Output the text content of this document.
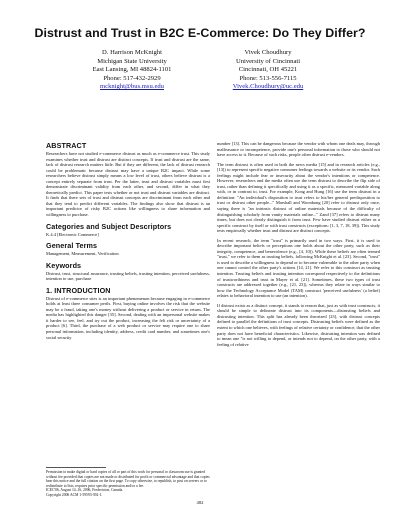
Distrust and Trust in B2C E-Commerce: Do They Differ?
D. Harrison McKnight
Michigan State University
East Lansing, MI 48824-1101
Phone: 517-432-2929
mcknight@bus.msu.edu
Vivek Choudhury
University of Cincinnati
Cincinnati, OH 45221
Phone: 513-556-7115
Vivek.Choudhury@uc.edu
ABSTRACT

Researchers have not studied e-commerce distrust as much as e-commerce trust. This study examines whether trust and distrust are distinct concepts. If trust and distrust are the same, lack of distrust research matters little. But if they are different, the lack of distrust research could be problematic because distrust may have a unique B2C impact. While some researchers believe distrust simply means a low level of trust, others believe distrust is a concept entirely separate from trust. Per the latter, trust and distrust variables must first demonstrate discriminant validity from each other, and second, differ in what they theoretically predict. This paper tests whether or not trust and distrust variables are distinct. It finds that there sets of trust and distrust concepts are discriminant from each other and that they tend to predict different variables. The findings also show that distrust is an important predictor of risky B2C actions like willingness to share information and willingness to purchase.

Categories and Subject Descriptors

K.4.4 [Electronic Commerce]

General Terms

Management, Measurement, Verification

Keywords

Distrust, trust, structural assurance, trusting beliefs, trusting intention, perceived usefulness, intention to use, purchase

1. INTRODUCTION

Distrust of e-commerce sites is an important phenomenon because engaging in e-commerce holds at least three consumer perils. First, buying online involves the risk that the website may be a fraud, taking one's money without delivering a product or service in return. The media has highlighted this danger [35]. Second, dealing with an impersonal website makes it harder to see, feel, and try out the product, increasing the felt risk or uncertainty of a product [6]. Third, the purchase of a web product or service may require one to share personal information, including identity, address, credit card number, and sometimes one's social security

Permission to make digital or hard copies of all or part of this work for personal or classroom use is granted without fee provided that copies are not made or distributed for profit or commercial advantage and that copies bear this notice and the full citation on the first page. To copy otherwise, to republish, to post on servers or to redistribute to lists, requires prior specific permission and/or a fee.
ICEC'06, August 14–16, 2006, Fredericton, Canada.
Copyright 2006 ACM 1-59593-392-1.

number [13]. This can be dangerous because the vendor with whom one deals may, through malfeasance or incompetence, provide one's personal information to those who should not have access to it. Because of such risks, people often distrust e-vendors.

The term distrust is often used in both the news media [15] and in research articles (e.g., [13]) to represent specific negative consumer feelings towards a website or its vendor. Such feelings might include fear or insecurity about the vendor's intentions or competence. However, researchers and the media often use the term distrust to describe the flip side of trust, rather than defining it specifically and using it as a specific, measured variable along with, or in contrast to, trust. For example, Kong and Hung [16] use the term distrust in a definition: "An individual's disposition to trust refers to his/her general predisposition to trust or distrust other people..." Marshall and Woonbong [20] refer to distrust only once, saying there is "an intrinsic distrust of online materials because of the difficulty of distinguishing scholarly from vanity materials online..." Zand [37] refers to distrust many times, but does not clearly distinguish it from trust. Few have studied distrust either as a specific construct by itself or with trust constructs (exceptions: [1, 3, 7, 18, 39]). This study tests empirically whether trust and distrust are distinct concepts.

In recent research, the term "trust" is primarily used in two ways. First, it is used to describe important beliefs or perceptions one holds about the other party, such as their integrity, competence, and benevolence (e.g., [4, 10]). While these beliefs are often termed "trust," we refer to them as trusting beliefs, following McKnight et al. [23]. Second, "trust" is used to describe a willingness to depend or to become vulnerable to the other party when one cannot control the other party's actions [14, 21]. We refer to this construct as trusting intention. Trusting beliefs and trusting intention correspond respectively to the definitions of trustworthiness and trust in Mayer et al. [21]. Sometimes, these two types of trust constructs are addressed together (e.g., [21, 23]), whereas they relate in ways similar to how the Technology Acceptance Model (TAM) construct 'perceived usefulness' (a belief) relates to behavioral intention to use (an intention).

If distrust exists as a distinct concept, it stands to reason that, just as with trust constructs, it should be simple to delineate distrust into its components—distrusting beliefs and distrusting intention. This split has already been theorized [23], with distrust concepts defined to parallel the definitions of trust concepts. Distrusting beliefs were defined as the extent to which one believes, with feelings of relative certainty or confidence, that the other party does not have beneficial characteristics. Likewise, distrusting intention was defined to mean one "is not willing to depend, or intends not to depend, on the other party, with a feeling of relative

482
